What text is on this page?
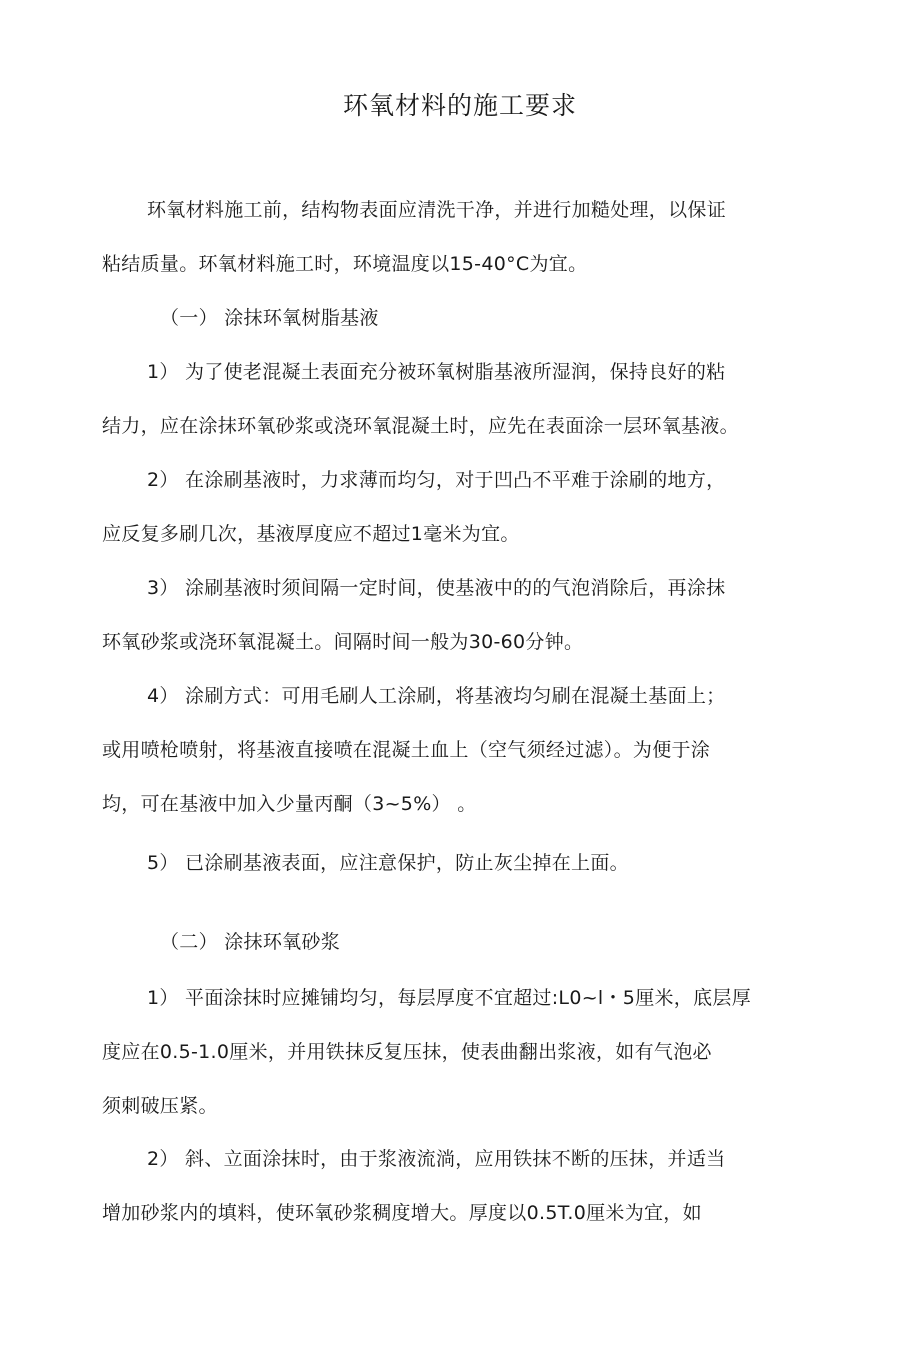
环氧材料的施工要求
环氧材料施工前，结构物表面应清洗干净，并进行加糙处理，以保证
粘结质量。环氧材料施工时，环境温度以15-40°C为宜。
（一） 涂抹环氧树脂基液
1） 为了使老混凝土表面充分被环氧树脂基液所湿润，保持良好的粘
结力，应在涂抹环氧砂浆或浇环氧混凝土时，应先在表面涂一层环氧基液。
2） 在涂刷基液时，力求薄而均匀，对于凹凸不平难于涂刷的地方，
应反复多刷几次，基液厚度应不超过1毫米为宜。
3） 涂刷基液时须间隔一定时间，使基液中的的气泡消除后，再涂抹
环氧砂浆或浇环氧混凝土。间隔时间一般为30-60分钟。
4） 涂刷方式：可用毛刷人工涂刷，将基液均匀刷在混凝土基面上；
或用喷枪喷射，将基液直接喷在混凝土血上（空气须经过滤）。为便于涂
均，可在基液中加入少量丙酮（3~5%） 。
5） 已涂刷基液表面，应注意保护，防止灰尘掉在上面。
（二） 涂抹环氧砂浆
1） 平面涂抹时应摊铺均匀，每层厚度不宜超过:L0~l・5厘米，底层厚
度应在0.5-1.0厘米，并用铁抹反复压抹，使表曲翻出浆液，如有气泡必
须刺破压紧。
2） 斜、立面涂抹时，由于浆液流淌，应用铁抹不断的压抹，并适当
增加砂浆内的填料，使环氧砂浆稠度增大。厚度以0.5T.0厘米为宜，如
